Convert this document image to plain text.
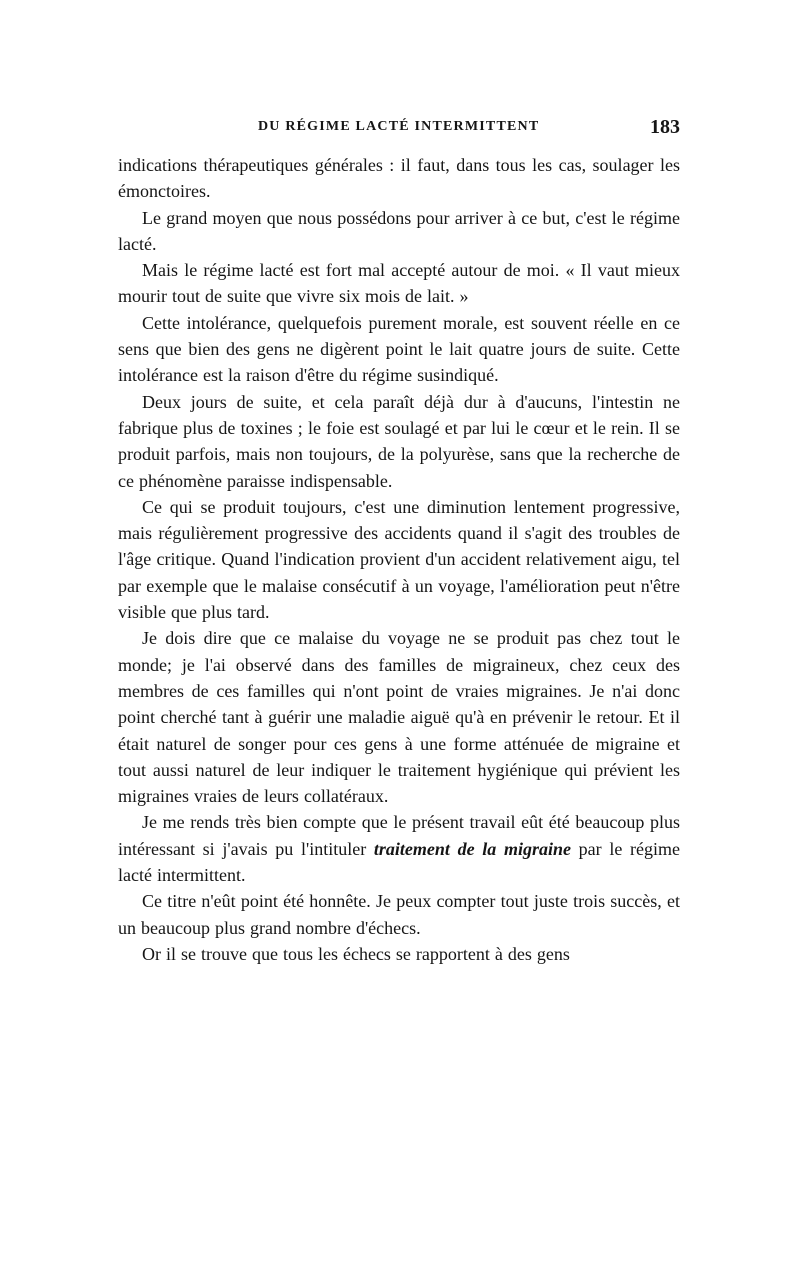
DU RÉGIME LACTÉ INTERMITTENT	183

indications thérapeutiques générales : il faut, dans tous les cas, soulager les émonctoires.

Le grand moyen que nous possédons pour arriver à ce but, c'est le régime lacté.

Mais le régime lacté est fort mal accepté autour de moi. « Il vaut mieux mourir tout de suite que vivre six mois de lait. »

Cette intolérance, quelquefois purement morale, est souvent réelle en ce sens que bien des gens ne digèrent point le lait quatre jours de suite. Cette intolérance est la raison d'être du régime susindiqué.

Deux jours de suite, et cela paraît déjà dur à d'aucuns, l'intestin ne fabrique plus de toxines ; le foie est soulagé et par lui le cœur et le rein. Il se produit parfois, mais non toujours, de la polyurèse, sans que la recherche de ce phénomène paraisse indispensable.

Ce qui se produit toujours, c'est une diminution lentement progressive, mais régulièrement progressive des accidents quand il s'agit des troubles de l'âge critique. Quand l'indication provient d'un accident relativement aigu, tel par exemple que le malaise consécutif à un voyage, l'amélioration peut n'être visible que plus tard.

Je dois dire que ce malaise du voyage ne se produit pas chez tout le monde; je l'ai observé dans des familles de migraineux, chez ceux des membres de ces familles qui n'ont point de vraies migraines. Je n'ai donc point cherché tant à guérir une maladie aiguë qu'à en prévenir le retour. Et il était naturel de songer pour ces gens à une forme atténuée de migraine et tout aussi naturel de leur indiquer le traitement hygiénique qui prévient les migraines vraies de leurs collatéraux.

Je me rends très bien compte que le présent travail eût été beaucoup plus intéressant si j'avais pu l'intituler traitement de la migraine par le régime lacté intermittent.

Ce titre n'eût point été honnête. Je peux compter tout juste trois succès, et un beaucoup plus grand nombre d'échecs.

Or il se trouve que tous les échecs se rapportent à des gens
